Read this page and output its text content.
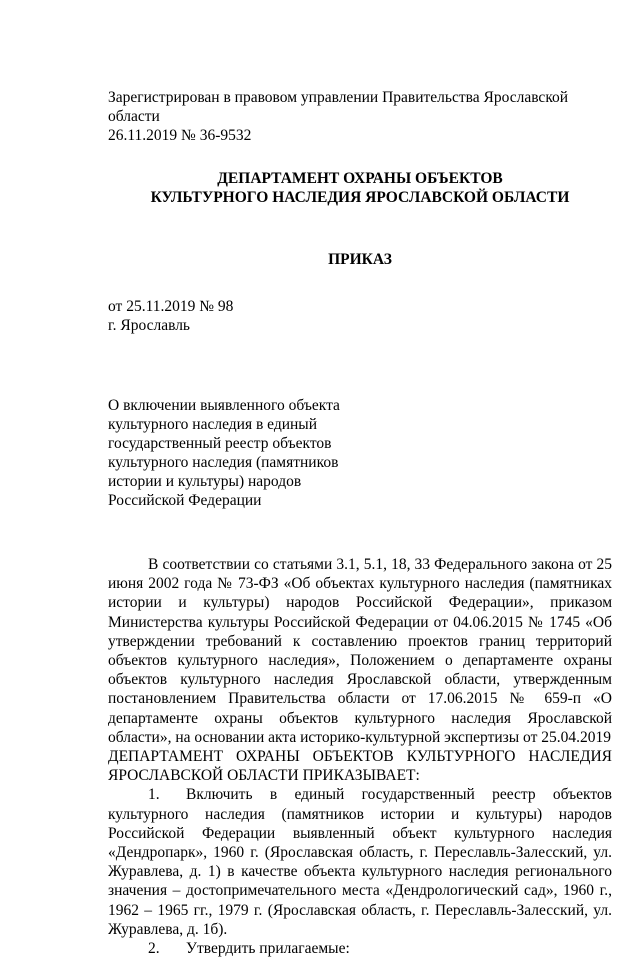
Зарегистрирован в правовом управлении Правительства Ярославской области
26.11.2019 № 36-9532
ДЕПАРТАМЕНТ ОХРАНЫ ОБЪЕКТОВ
КУЛЬТУРНОГО НАСЛЕДИЯ ЯРОСЛАВСКОЙ ОБЛАСТИ
ПРИКАЗ
от 25.11.2019 № 98
г. Ярославль
О включении выявленного объекта культурного наследия в единый государственный реестр объектов культурного наследия (памятников истории и культуры) народов Российской Федерации

В соответствии со статьями 3.1, 5.1, 18, 33 Федерального закона от 25 июня 2002 года № 73-ФЗ «Об объектах культурного наследия (памятниках истории и культуры) народов Российской Федерации», приказом Министерства культуры Российской Федерации от 04.06.2015 № 1745 «Об утверждении требований к составлению проектов границ территорий объектов культурного наследия», Положением о департаменте охраны объектов культурного наследия Ярославской области, утвержденным постановлением Правительства области от 17.06.2015 № 659-п «О департаменте охраны объектов культурного наследия Ярославской области», на основании акта историко-культурной экспертизы от 25.04.2019

ДЕПАРТАМЕНТ ОХРАНЫ ОБЪЕКТОВ КУЛЬТУРНОГО НАСЛЕДИЯ ЯРОСЛАВСКОЙ ОБЛАСТИ ПРИКАЗЫВАЕТ:

1. Включить в единый государственный реестр объектов культурного наследия (памятников истории и культуры) народов Российской Федерации выявленный объект культурного наследия «Дендропарк», 1960 г. (Ярославская область, г. Переславль-Залесский, ул. Журавлева, д. 1) в качестве объекта культурного наследия регионального значения – достопримечательного места «Дендрологический сад», 1960 г., 1962 – 1965 гг., 1979 г. (Ярославская область, г. Переславль-Залесский, ул. Журавлева, д. 1б).

2. Утвердить прилагаемые:
